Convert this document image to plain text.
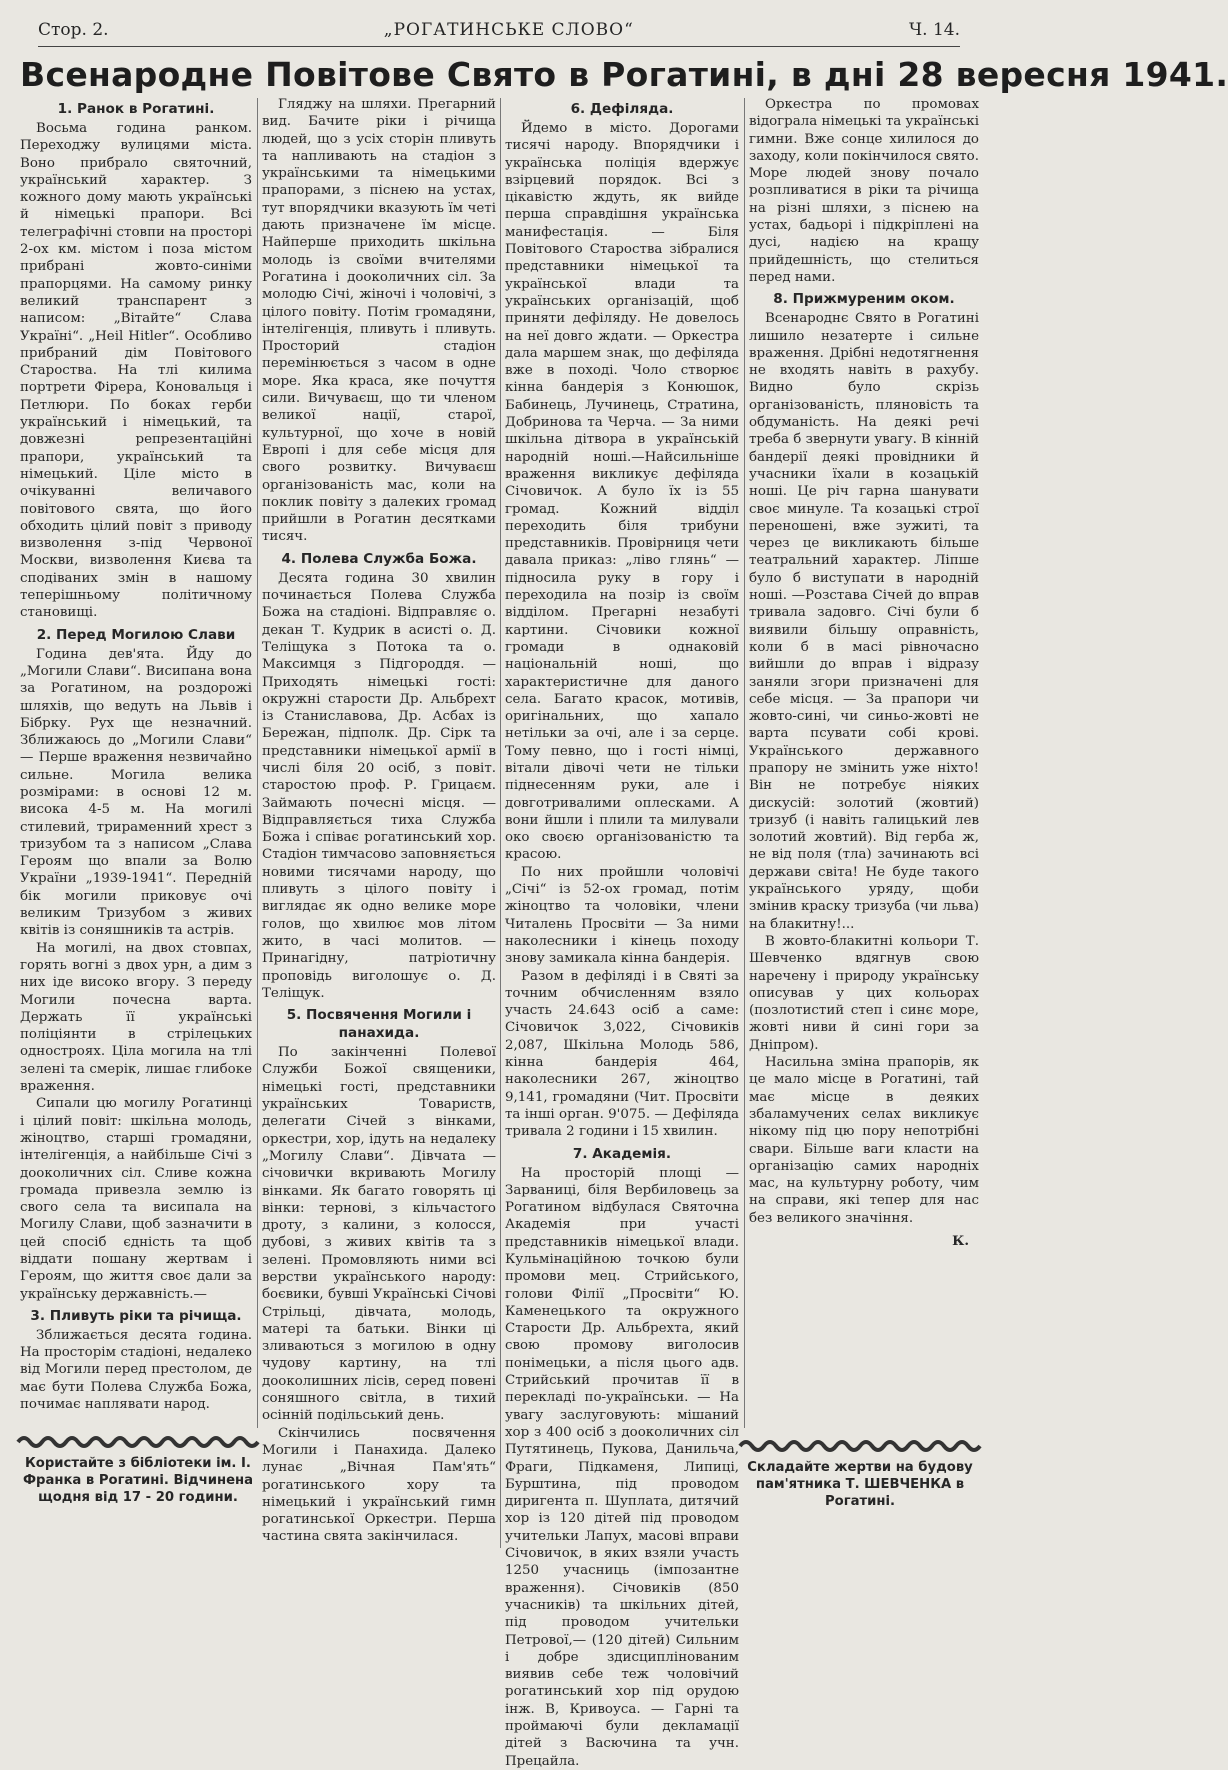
Стор. 2.	„РОГАТИНСЬКЕ СЛОВО“	Ч. 14.
Всенародне Повітове Свято в Рогатині, в дні 28 вересня 1941.
1. Ранок в Рогатині.

Восьма година ранком. Переходжу вулицями міста. Воно прибрало святочний, український характер. З кожного дому мають українські й німецькі прапори. Всі телеграфічні стовпи на просторі 2-ох км. містом і поза містом прибрані жовто-синіми прапорцями. На самому ринку великий транспарент з написом: „Вітайте“ Слава Україні“. „Heil Hitler“. Особливо прибраний дім Повітового Староства. На тлі килима портрети Фірера, Коновальця і Петлюри. По боках герби український і німецький, та довжезні репрезентаційні прапори, український та німецький. Ціле місто в очікуванні величавого повітового свята, що його обходить цілий повіт з приводу визволення з-під Червоної Москви, визволення Києва та сподіваних змін в нашому теперішньому політичному становищі.

2. Перед Могилою Слави

Година дев'ята. Йду до „Могили Слави“. Висипана вона за Рогатином, на роздорожі шляхів, що ведуть на Львів і Бібрку. Рух ще незначний. Зближаюсь до „Могили Слави“ — Перше враження незвичайно сильне. Могила велика розмірами: в основі 12 м. висока 4-5 м. На могилі стилевий, трираменний хрест з тризубом та з написом „Слава Героям що впали за Волю України „1939-1941“. Передній бік могили приковує очі великим Тризубом з живих квітів із соняшників та астрів.

На могилі, на двох стовпах, горять вогні з двох урн, а дим з них іде високо вгору. З переду Могили почесна варта. Держать її українські поліцiянти в стрілецьких одностроях. Ціла могила на тлі зелені та смерік, лишає глибоке враження.

Сипали цю могилу Рогатинці і цілий повіт: шкільна молодь, жіноцтво, старші громадяни, інтелігенція, а найбільше Січі з дооколичних сіл. Сливе кожна громада привезла землю із свого села та висипала на Могилу Слави, щоб зазначити в цей спосіб єдність та щоб віддати пошану жертвам і Героям, що життя своє дали за українську державність.—

3. Пливуть ріки та річища.

Зближається десята година. На просторім стадіоні, недалеко від Могили перед престолом, де має бути Полева Служба Божа, почимає наплявати народ.

Гляджу на шляхи. Прегарний вид. Бачите ріки і річища людей, що з усіх сторін пливуть та напливають на стадіон з українськими та німецькими прапорами, з піснею на устах, тут впорядчики вказують їм четі дають призначене їм місце. Найперше приходить шкільна молодь із своїми вчителями Рогатина і дооколичних сіл. За молодю Січі, жіночі і чоловічі, з цілого повіту. Потім громадяни, інтелігенція, пливуть і пливуть. Просторий стадіон перемінюється з часом в одне море. Яка краса, яке почуття сили. Вичуваєш, що ти членом великої нації, старої, культурної, що хоче в новій Европі і для себе місця для свого розвитку. Вичуваєш організованість мас, коли на поклик повіту з далеких громад прийшли в Рогатин десятками тисяч.

4. Полева Служба Божа.

Десята година 30 хвилин починається Полева Служба Божа на стадіоні. Відправляє о. декан Т. Кудрик в асисті о. Д. Теліщука з Потока та о. Максимця з Підгороддя. — Приходять німецькі гості: окружні старости Др. Альбрехт із Станиславова, Др. Асбах із Бережан, підполк. Др. Сірк та представники німецької армії в числі біля 20 осіб, з повіт. старостою проф. Р. Грицаєм. Займають почесні місця. — Відправляється тиха Служба Божа і співає рогатинський хор. Стадіон тимчасово заповняється новими тисячами народу, що пливуть з цілого повіту і виглядає як одно велике море голов, що хвилює мов літом жито, в часі молитов. — Принагідну, патріотичну проповідь виголошує о. Д. Теліщук.

5. Посвячення Могили і панахида.

По закінченні Полевої Служби Божої священики, німецькі гості, представники українських Товариств, делегати Січей з вінками, оркестри, хор, ідуть на недалеку „Могилу Слави“. Дівчата — січовички вкривають Могилу вінками. Як багато говорять ці вінки: тернові, з кільчастого дроту, з калини, з колосся, дубові, з живих квітів та з зелені. Промовляють ними всі верстви українського народу: боєвики, бувші Українські Січові Стрільці, дівчата, молодь, матері та батьки. Вінки ці зливаються з могилою в одну чудову картину, на тлі дооколишних лісів, серед повені соняшного світла, в тихий осінній подільський день.

Скінчились посвячення Могили і Панахида. Далеко лунає „Вічная Пам'ять“ рогатинського хору та німецький і український гимн рогатинської Оркестри. Перша частина свята закінчилася.

6. Дефіляда.

Йдемо в місто. Дорогами тисячі народу. Впорядчики і українська поліція вдержує взірцевий порядок. Всі з цікавістю ждуть, як вийде перша справдішня українська манифестація. — Біля Повітового Староства зібралися представники німецької та української влади та українських організацій, щоб приняти дефіляду. Не довелось на неї довго ждати. — Оркестра дала маршем знак, що дефіляда вже в поході. Чоло створює кінна бандерія з Конюшок, Бабинець, Лучинець, Стратина, Добринова та Черча. — За ними шкільна дітвора в українській народній ноші.—Найсильніше враження викликує дефіляда Січовичок. А було їх із 55 громад. Кожний відділ переходить біля трибуни представників. Провірниця чети давала приказ: „ліво глянь“ — підносила руку в гору і переходила на позір із своїм відділом. Прегарні незабуті картини. Січовики кожної громади в однаковій національній ноші, що характеристичне для даного села. Багато красок, мотивів, оригінальних, що хапало нетільки за очі, але і за серце. Тому певно, що і гості німці, вітали дівочі чети не тільки піднесенням руки, але і довготривалими оплесками. А вони йшли і плили та милували око своєю організованістю та красою.

По них пройшли чоловічі „Січі“ із 52-ох громад, потім жіноцтво та чоловіки, члени Читалень Просвіти — За ними наколесники і кінець походу знову замикала кінна бандерія.

Разом в дефіляді і в Святі за точним обчисленням взяло участь 24.643 осіб а саме: Січовичок 3,022, Січовиків 2,087, Шкільна Молодь 586, кінна бандерія 464, наколесники 267, жіноцтво 9,141, громадяни (Чит. Просвіти та інші орган. 9'075. — Дефіляда тривала 2 години і 15 хвилин.

7. Академія.

На просторій площі — Зарваниці, біля Вербиловець за Рогатином відбулася Святочна Академія при участі представників німецької влади. Кульмінаційною точкою були промови мец. Стрийського, голови Філії „Просвіти“ Ю. Каменецького та окружного Старости Др. Альбрехта, який свою промову виголосив понімецьки, а після цього адв. Стрийський прочитав її в перекладі по-українськи. — На увагу заслуговують: мішаний хор з 400 осіб з дооколичних сіл Путятинець, Пукова, Данильча, Фраги, Підкаменя, Липиці, Бурштина, під проводом диригента п. Шуплата, дитячий хор із 120 дітей під проводом учительки Лапух, масові вправи Січовичок, в яких взяли участь 1250 учасниць (імпозантне враження). Січовиків (850 учасників) та шкільних дітей, під проводом учительки Петрової,— (120 дітей) Сильним і добре здисциплінованим виявив себе теж чоловічий рогатинський хор під орудою інж. В, Кривоуса. — Гарні та проймаючі були декламації дітей з Васючина та учн. Прецайла.

Оркестра по промовах відограла німецькі та українські гимни. Вже сонце хилилося до заходу, коли покінчилося свято. Море людей знову почало розпливатися в ріки та річища на різні шляхи, з піснею на устах, бадьорі і підкріплені на дусі, надією на кращу прийдешність, що стелиться перед нами.

8. Прижмуреним оком.

Всенароднє Свято в Рогатині лишило незатерте і сильне враження. Дрібні недотягнення не входять навіть в рахубу. Видно було скрізь організованість, пляновість та обдуманість. На деякі речі треба б звернути увагу. В кінній бандерії деякі провідники й учасники їхали в козацькій ноші. Це річ гарна шанувати своє минуле. Та козацькі строї переношені, вже зужиті, та через це викликають більше театральний характер. Ліпше було б виступати в народній ноші. —Розстава Січей до вправ тривала задовго. Січі були б виявили більшу оправність, коли б в масі рівночасно вийшли до вправ і відразу заняли згори призначені для себе місця. — За прапори чи жовто-сині, чи синьо-жовті не варта псувати собі крові. Українського державного прапору не змінить уже ніхто! Він не потребує ніяких дискусій: золотий (жовтий) тризуб (і навіть галицький лев золотий жовтий). Від герба ж, не від поля (тла) зачинають всі держави світа! Не буде такого українського уряду, щоби змінив краску тризуба (чи льва) на блакитну!...

В жовто-блакитні кольори Т. Шевченко вдягнув свою наречену і природу українську описував у цих кольорах (позлотистий степ і синє море, жовті ниви й сині гори за Дніпром).

Насильна зміна прапорів, як це мало місце в Рогатині, тай має місце в деяких збаламучених селах викликує нікому під цю пору непотрібні свари. Більше ваги класти на організацію самих народніх мас, на культурну роботу, чим на справи, які тепер для нас без великого значіння.

К.

Користайте з бібліотеки ім. І. Франка в Рогатині. Відчинена щодня від 17 - 20 години.
Складайте жертви на будову пам'ятника Т. ШЕВЧЕНКА в Рогатині.
